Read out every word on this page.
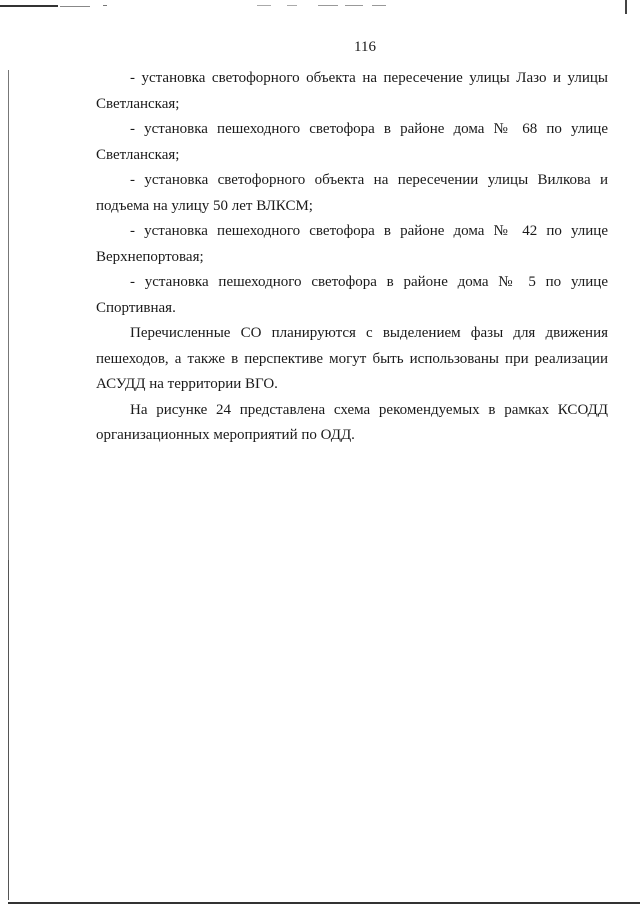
116

- установка светофорного объекта на пересечение улицы Лазо и улицы Светланская;

- установка пешеходного светофора в районе дома № 68 по улице Светланская;

- установка светофорного объекта на пересечении улицы Вилкова и подъема на улицу 50 лет ВЛКСМ;

- установка пешеходного светофора в районе дома № 42 по улице Верхнепортовая;

- установка пешеходного светофора в районе дома № 5 по улице Спортивная.

Перечисленные СО планируются с выделением фазы для движения пешеходов, а также в перспективе могут быть использованы при реализации АСУДД на территории ВГО.

На рисунке 24 представлена схема рекомендуемых в рамках КСОДД организационных мероприятий по ОДД.
